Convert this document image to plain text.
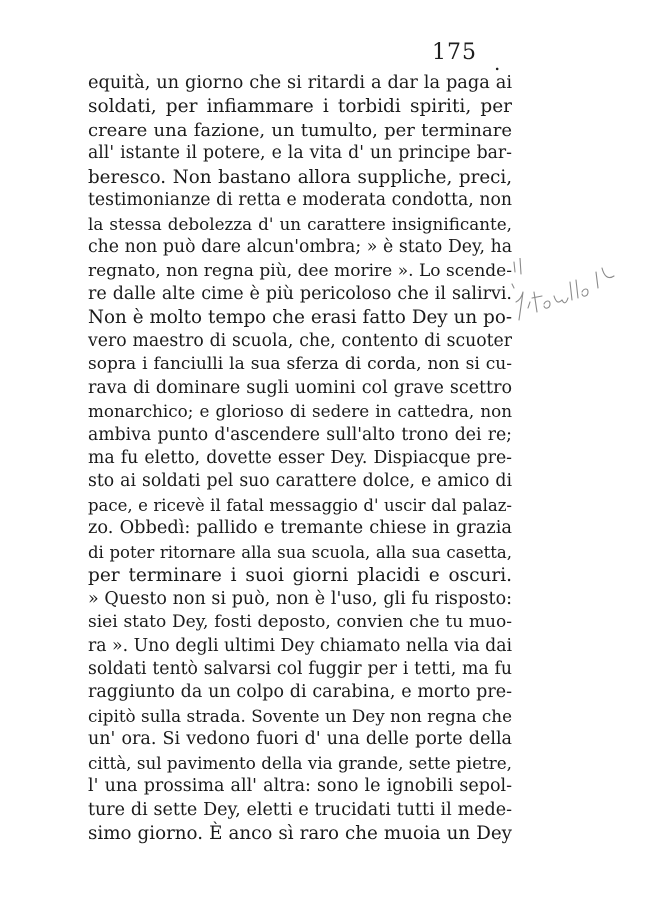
175 .
equità, un giorno che si ritardi a dar la paga ai
soldati, per infiammare i torbidi spiriti, per
creare una fazione, un tumulto, per terminare
all' istante il potere, e la vita d' un principe bar-
beresco. Non bastano allora suppliche, preci,
testimonianze di retta e moderata condotta, non
la stessa debolezza d' un carattere insignificante,
che non può dare alcun'ombra; » è stato Dey, ha
regnato, non regna più, dee morire ». Lo scende-
re dalle alte cime è più pericoloso che il salirvi.
Non è molto tempo che erasi fatto Dey un po-
vero maestro di scuola, che, contento di scuoter
sopra i fanciulli la sua sferza di corda, non si cu-
rava di dominare sugli uomini col grave scettro
monarchico; e glorioso di sedere in cattedra, non
ambiva punto d'ascendere sull'alto trono dei re;
ma fu eletto, dovette esser Dey. Dispiacque pre-
sto ai soldati pel suo carattere dolce, e amico di
pace, e ricevè il fatal messaggio d' uscir dal palaz-
zo. Obbedì: pallido e tremante chiese in grazia
di poter ritornare alla sua scuola, alla sua casetta,
per terminare i suoi giorni placidi e oscuri.
» Questo non si può, non è l'uso, gli fu risposto:
siei stato Dey, fosti deposto, convien che tu muo-
ra ». Uno degli ultimi Dey chiamato nella via dai
soldati tentò salvarsi col fuggir per i tetti, ma fu
raggiunto da un colpo di carabina, e morto pre-
cipitò sulla strada. Sovente un Dey non regna che
un' ora. Si vedono fuori d' una delle porte della
città, sul pavimento della via grande, sette pietre,
l' una prossima all' altra: sono le ignobili sepol-
ture di sette Dey, eletti e trucidati tutti il mede-
simo giorno. È anco sì raro che muoia un Dey
